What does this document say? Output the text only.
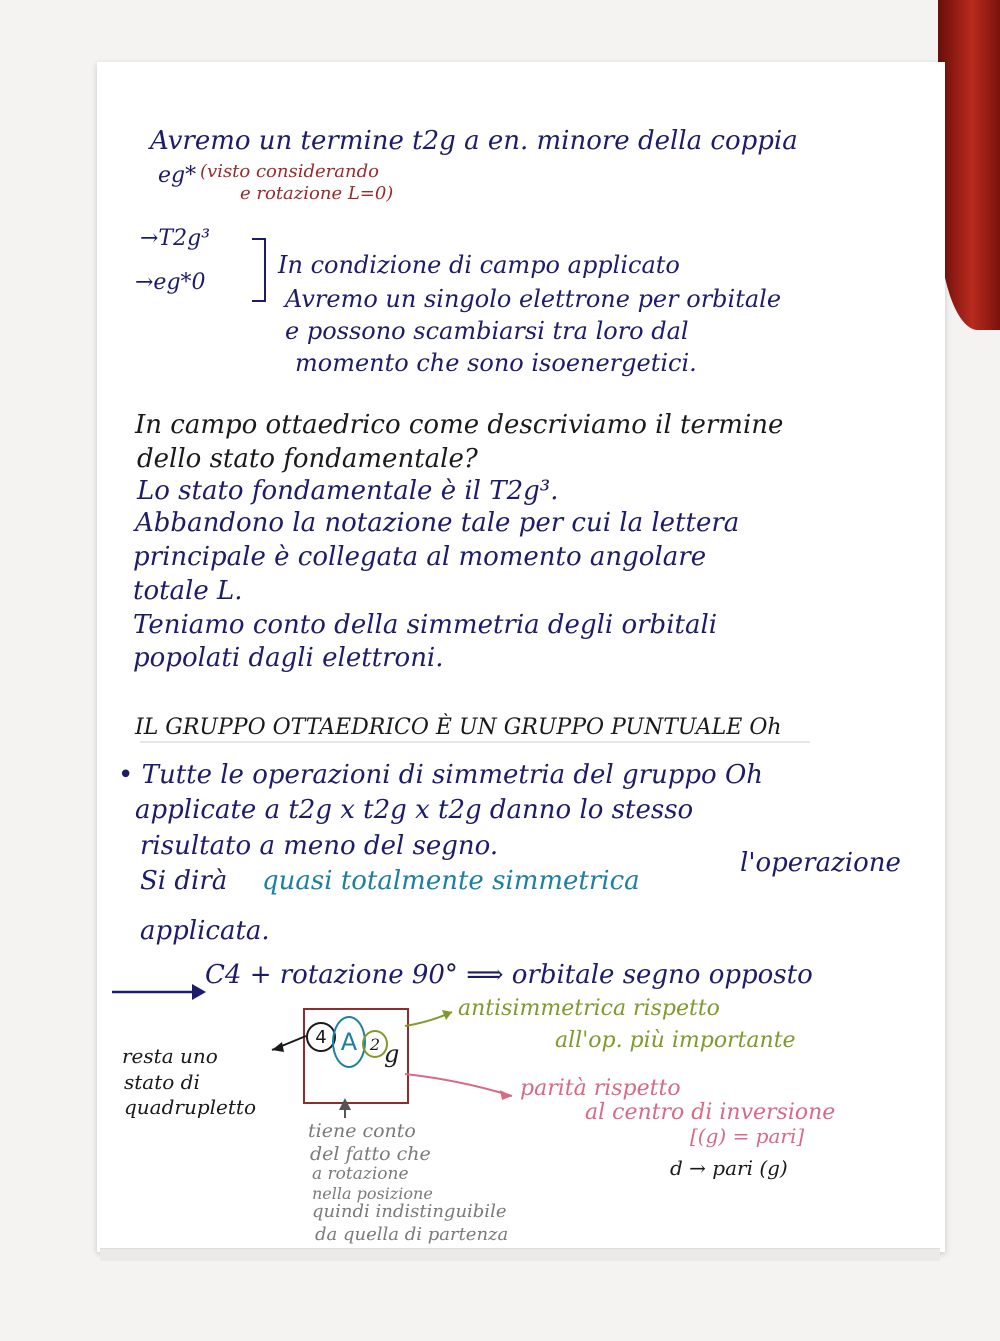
Avremo un termine t2g a en. minore della coppia
eg* (visto considerando
e rotazione L=0)
→T2g³
→eg*0
In condizione di campo applicato
Avremo un singolo elettrone per orbitale
e possono scambiarsi tra loro dal
momento che sono isoenergetici.
In campo ottaedrico come descriviamo il termine
dello stato fondamentale?
Lo stato fondamentale è il T2g³.
Abbandono la notazione tale per cui la lettera
principale è collegata al momento angolare
totale L.
Teniamo conto della simmetria degli orbitali
popolati dagli elettroni.
IL GRUPPO OTTAEDRICO È UN GRUPPO PUNTUALE Oh
• Tutte le operazioni di simmetria del gruppo Oh
applicate a t2g x t2g x t2g danno lo stesso
risultato a meno del segno.
Si dirà quasi totalmente simmetrica
l'operazione
applicata.
C4 + rotazione 90° ⟹ orbitale segno opposto
4 A 2 g
resta uno
stato di
quadrupletto
antisimmetrica rispetto
all'op. più importante
parità rispetto
al centro di inversione
[(g) = pari]
d → pari (g)
tiene conto
del fatto che
a rotazione
nella posizione
quindi indistinguibile
da quella di partenza
